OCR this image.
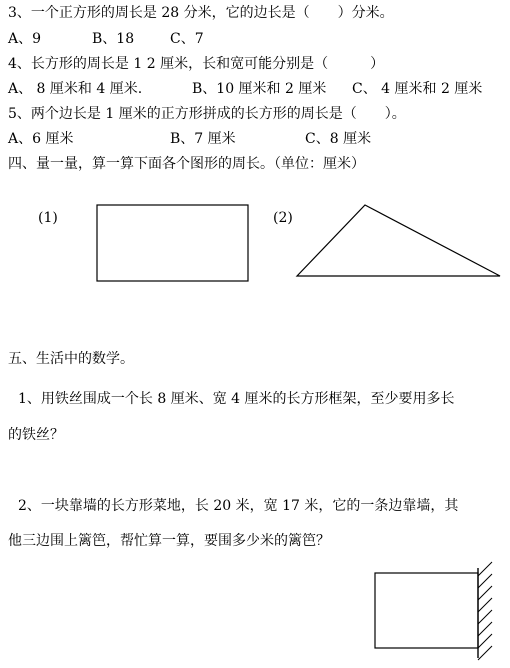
3、一个正方形的周长是 28 分米，它的边长是（　　）分米。
A、9	B、18	C、7
4、长方形的周长是 1 2 厘米，长和宽可能分别是（　　　）
A、 8 厘米和 4 厘米.	B、10 厘米和 2 厘米 C、 4 厘米和 2 厘米
5、两个边长是 1 厘米的正方形拼成的长方形的周长是（　　）。
A、6 厘米	B、7 厘米	C、8 厘米
四、量一量，算一算下面各个图形的周长。（单位：厘米）
(1)	(2)
五、生活中的数学。
1、用铁丝围成一个长 8 厘米、宽 4 厘米的长方形框架，至少要用多长
的铁丝？
2、一块靠墙的长方形菜地，长 20 米，宽 17 米，它的一条边靠墙，其
他三边围上篱笆，帮忙算一算，要围多少米的篱笆？
